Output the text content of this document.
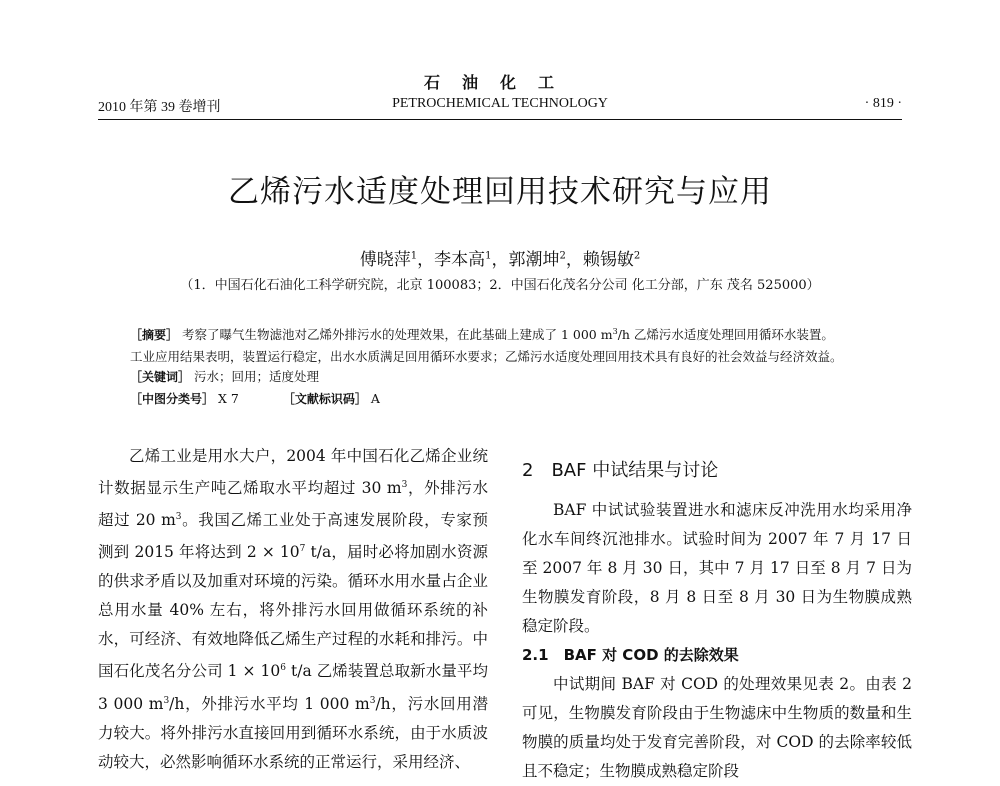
石油化工
2010 年第 39 卷增刊	PETROCHEMICAL TECHNOLOGY	· 819 ·
乙烯污水适度处理回用技术研究与应用
傅晓萍$^1$，李本高$^1$，郭潮坤$^2$，赖锡敏$^2$
（1．中国石化石油化工科学研究院，北京 100083；2．中国石化茂名分公司 化工分部，广东 茂名 525000）
［摘要］ 考察了曝气生物滤池对乙烯外排污水的处理效果，在此基础上建成了 1 000 $m^3/h$ 乙烯污水适度处理回用循环水装置。
工业应用结果表明，装置运行稳定，出水水质满足回用循环水要求；乙烯污水适度处理回用技术具有良好的社会效益与经济效益。
［关键词］ 污水；回用；适度处理
［中图分类号］ X 7	［文献标识码］ A

乙烯工业是用水大户，2004 年中国石化乙烯企业统计数据显示生产吨乙烯取水平均超过 30 $m^3$，外排污水超过 20 $m^3$。我国乙烯工业处于高速发展阶段，专家预测到 2015 年将达到 $2 \times 10^7$ t/a，届时必将加剧水资源的供求矛盾以及加重对环境的污染。循环水用水量占企业总用水量 40% 左右，将外排污水回用做循环系统的补水，可经济、有效地降低乙烯生产过程的水耗和排污。中国石化茂名分公司 $1 \times 10^6$ t/a 乙烯装置总取新水量平均 3 000 $m^3/h$，外排污水平均 1 000 $m^3/h$，污水回用潜力较大。将外排污水直接回用到循环水系统，由于水质波动较大，必然影响循环水系统的正常运行，采用经济、

2　BAF 中试结果与讨论

BAF 中试试验装置进水和滤床反冲洗用水均采用净化水车间终沉池排水。试验时间为 2007 年 7 月 17 日至 2007 年 8 月 30 日，其中 7 月 17 日至 8 月 7 日为生物膜发育阶段，8 月 8 日至 8 月 30 日为生物膜成熟稳定阶段。

2.1　BAF 对 COD 的去除效果

中试期间 BAF 对 COD 的处理效果见表 2。由表 2 可见，生物膜发育阶段由于生物滤床中生物质的数量和生物膜的质量均处于发育完善阶段，对 COD 的去除率较低且不稳定；生物膜成熟稳定阶段
